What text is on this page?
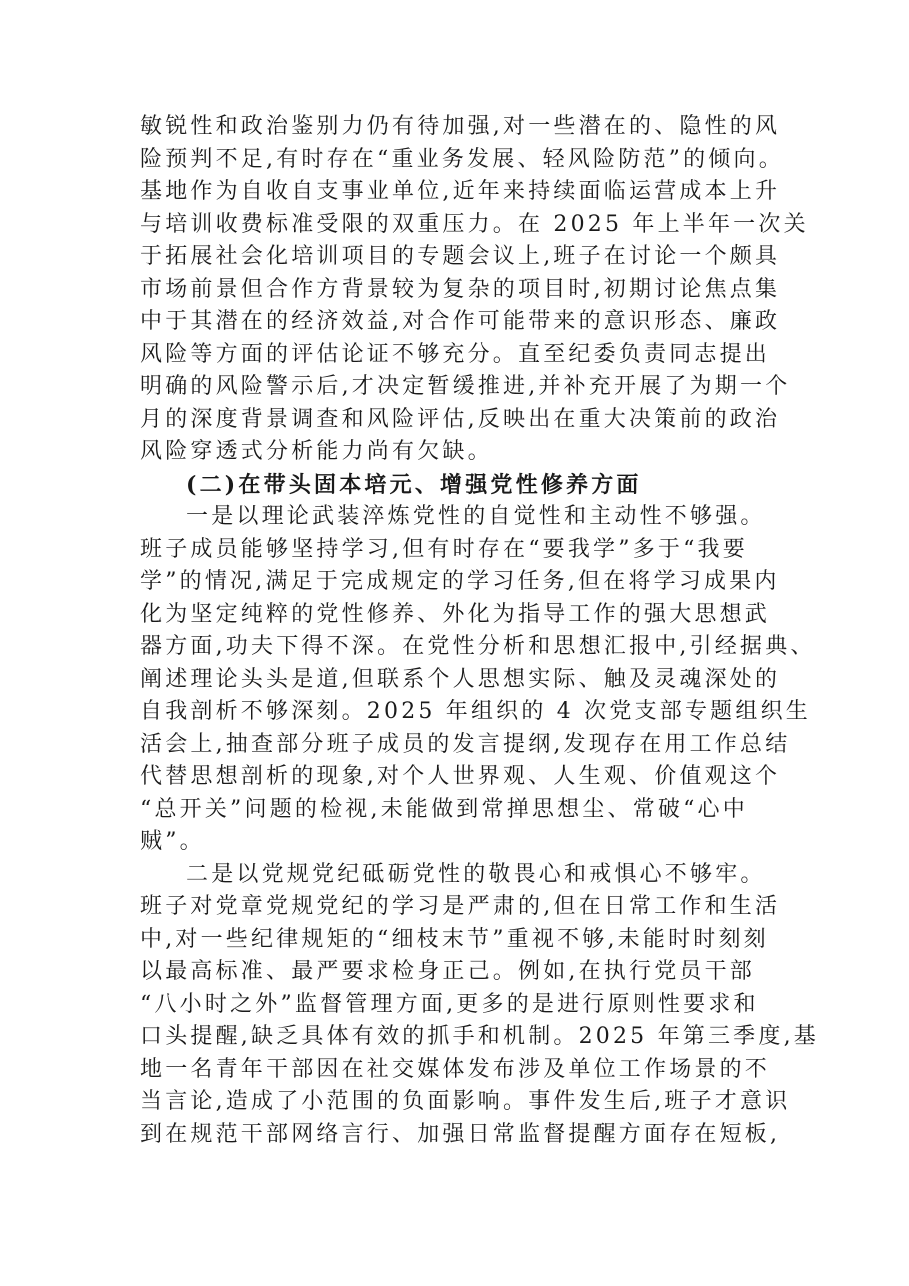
敏锐性和政治鉴别力仍有待加强,对一些潜在的、隐性的风
险预判不足,有时存在“重业务发展、轻风险防范”的倾向。
基地作为自收自支事业单位,近年来持续面临运营成本上升
与培训收费标准受限的双重压力。在 2025 年上半年一次关
于拓展社会化培训项目的专题会议上,班子在讨论一个颇具
市场前景但合作方背景较为复杂的项目时,初期讨论焦点集
中于其潜在的经济效益,对合作可能带来的意识形态、廉政
风险等方面的评估论证不够充分。直至纪委负责同志提出
明确的风险警示后,才决定暂缓推进,并补充开展了为期一个
月的深度背景调查和风险评估,反映出在重大决策前的政治
风险穿透式分析能力尚有欠缺。
(二)在带头固本培元、增强党性修养方面
一是以理论武装淬炼党性的自觉性和主动性不够强。
班子成员能够坚持学习,但有时存在“要我学”多于“我要
学”的情况,满足于完成规定的学习任务,但在将学习成果内
化为坚定纯粹的党性修养、外化为指导工作的强大思想武
器方面,功夫下得不深。在党性分析和思想汇报中,引经据典、
阐述理论头头是道,但联系个人思想实际、触及灵魂深处的
自我剖析不够深刻。2025 年组织的 4 次党支部专题组织生
活会上,抽查部分班子成员的发言提纲,发现存在用工作总结
代替思想剖析的现象,对个人世界观、人生观、价值观这个
“总开关”问题的检视,未能做到常掸思想尘、常破“心中
贼”。
二是以党规党纪砥砺党性的敬畏心和戒惧心不够牢。
班子对党章党规党纪的学习是严肃的,但在日常工作和生活
中,对一些纪律规矩的“细枝末节”重视不够,未能时时刻刻
以最高标准、最严要求检身正己。例如,在执行党员干部
“八小时之外”监督管理方面,更多的是进行原则性要求和
口头提醒,缺乏具体有效的抓手和机制。2025 年第三季度,基
地一名青年干部因在社交媒体发布涉及单位工作场景的不
当言论,造成了小范围的负面影响。事件发生后,班子才意识
到在规范干部网络言行、加强日常监督提醒方面存在短板,
